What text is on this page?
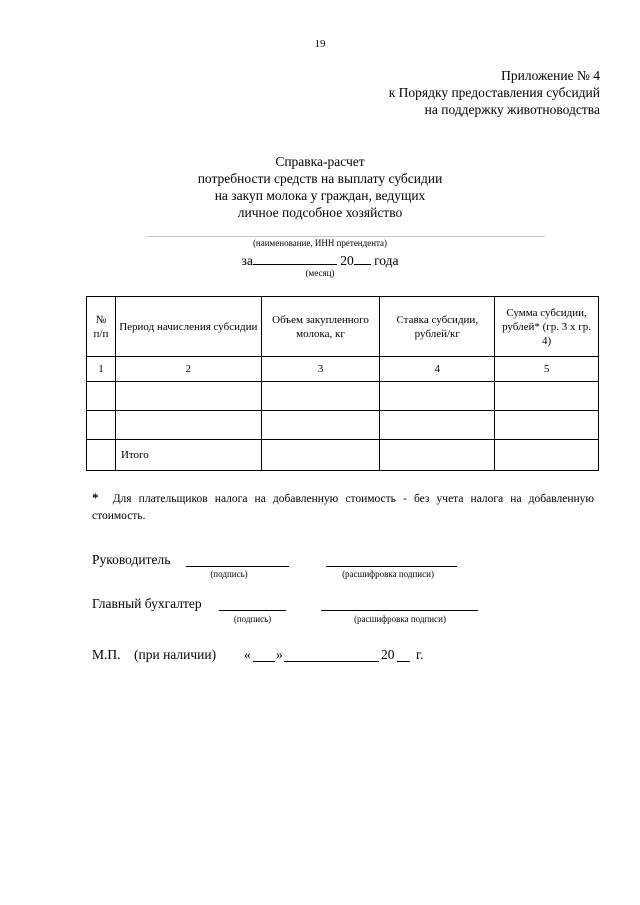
19
Приложение № 4
к Порядку предоставления субсидий
на поддержку животноводства
Справка-расчет
потребности средств на выплату субсидии
на закуп молока у граждан, ведущих
личное подсобное хозяйство
(наименование, ИНН претендента)
за	20 года
(месяц)
№ п/п	Период начисления субсидии	Объем закупленного молока, кг	Ставка субсидии, рублей/кг	Сумма субсидии, рублей* (гр. 3 х гр. 4)
1	2	3	4	5

	Итого			
* Для плательщиков налога на добавленную стоимость - без учета налога на добавленную стоимость.
Руководитель
(подпись)	(расшифровка подписи)
Главный бухгалтер
(подпись)	(расшифровка подписи)
М.П. (при наличии) « »	20 г.
